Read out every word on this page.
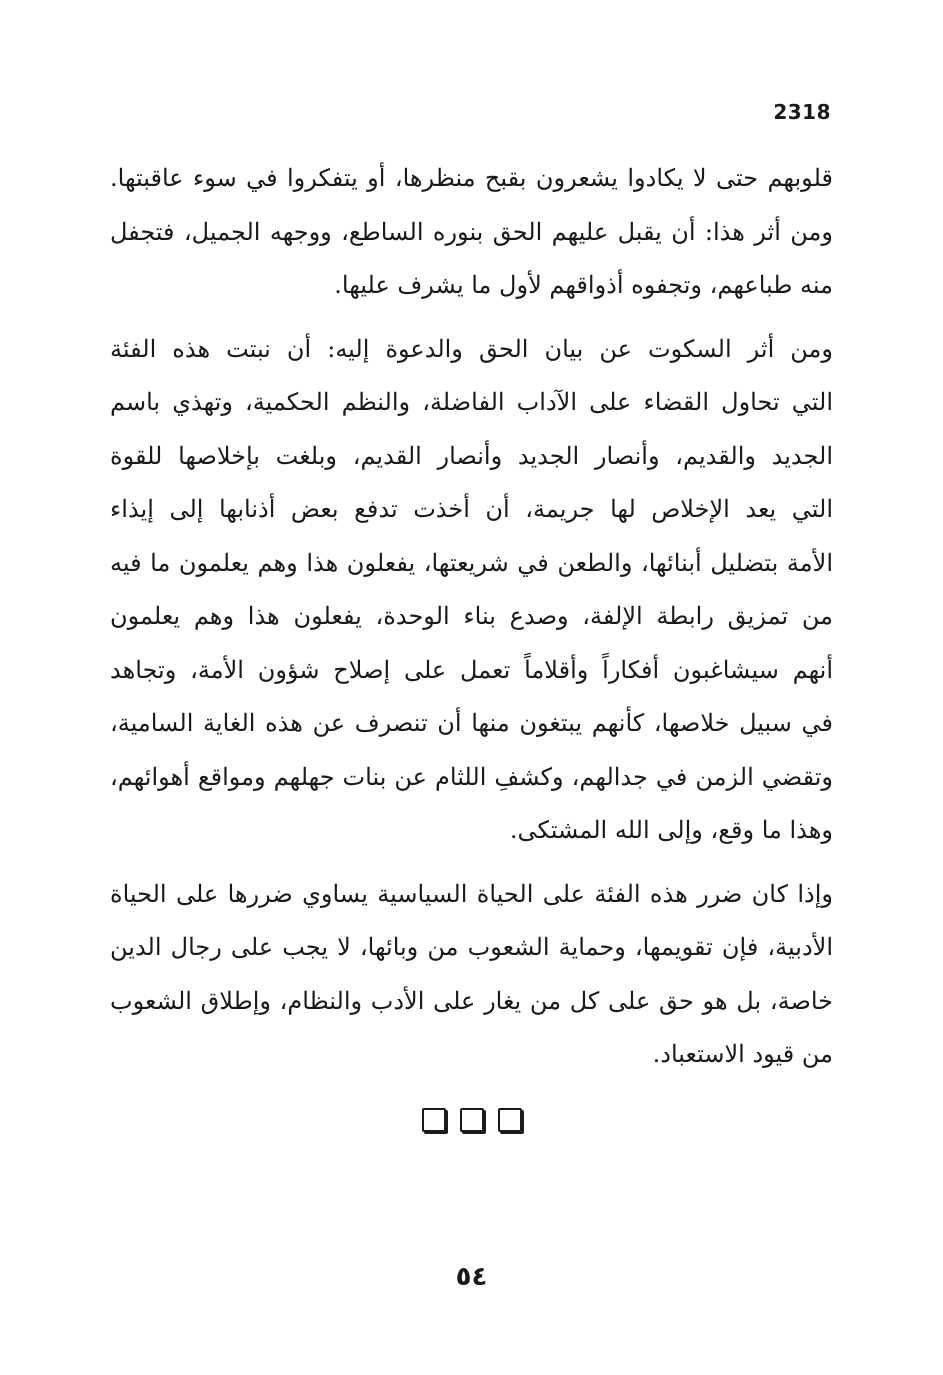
2318
قلوبهم حتى لا يكادوا يشعرون بقبح منظرها، أو يتفكروا في سوء عاقبتها.
ومن أثر هذا: أن يقبل عليهم الحق بنوره الساطع، ووجهه الجميل، فتجفل
منه طباعهم، وتجفوه أذواقهم لأول ما يشرف عليها.
ومن أثر السكوت عن بيان الحق والدعوة إليه: أن نبتت هذه الفئة
التي تحاول القضاء على الآداب الفاضلة، والنظم الحكمية، وتهذي باسم
الجديد والقديم، وأنصار الجديد وأنصار القديم، وبلغت بإخلاصها للقوة
التي يعد الإخلاص لها جريمة، أن أخذت تدفع بعض أذنابها إلى إيذاء
الأمة بتضليل أبنائها، والطعن في شريعتها، يفعلون هذا وهم يعلمون ما فيه
من تمزيق رابطة الإلفة، وصدع بناء الوحدة، يفعلون هذا وهم يعلمون
أنهم سيشاغبون أفكاراً وأقلاماً تعمل على إصلاح شؤون الأمة، وتجاهد
في سبيل خلاصها، كأنهم يبتغون منها أن تنصرف عن هذه الغاية السامية،
وتقضي الزمن في جدالهم، وكشفِ اللثام عن بنات جهلهم ومواقع أهوائهم،
وهذا ما وقع، وإلى الله المشتكى.
وإذا كان ضرر هذه الفئة على الحياة السياسية يساوي ضررها على الحياة
الأدبية، فإن تقويمها، وحماية الشعوب من وبائها، لا يجب على رجال الدين
خاصة، بل هو حق على كل من يغار على الأدب والنظام، وإطلاق الشعوب
من قيود الاستعباد.
٥٤
